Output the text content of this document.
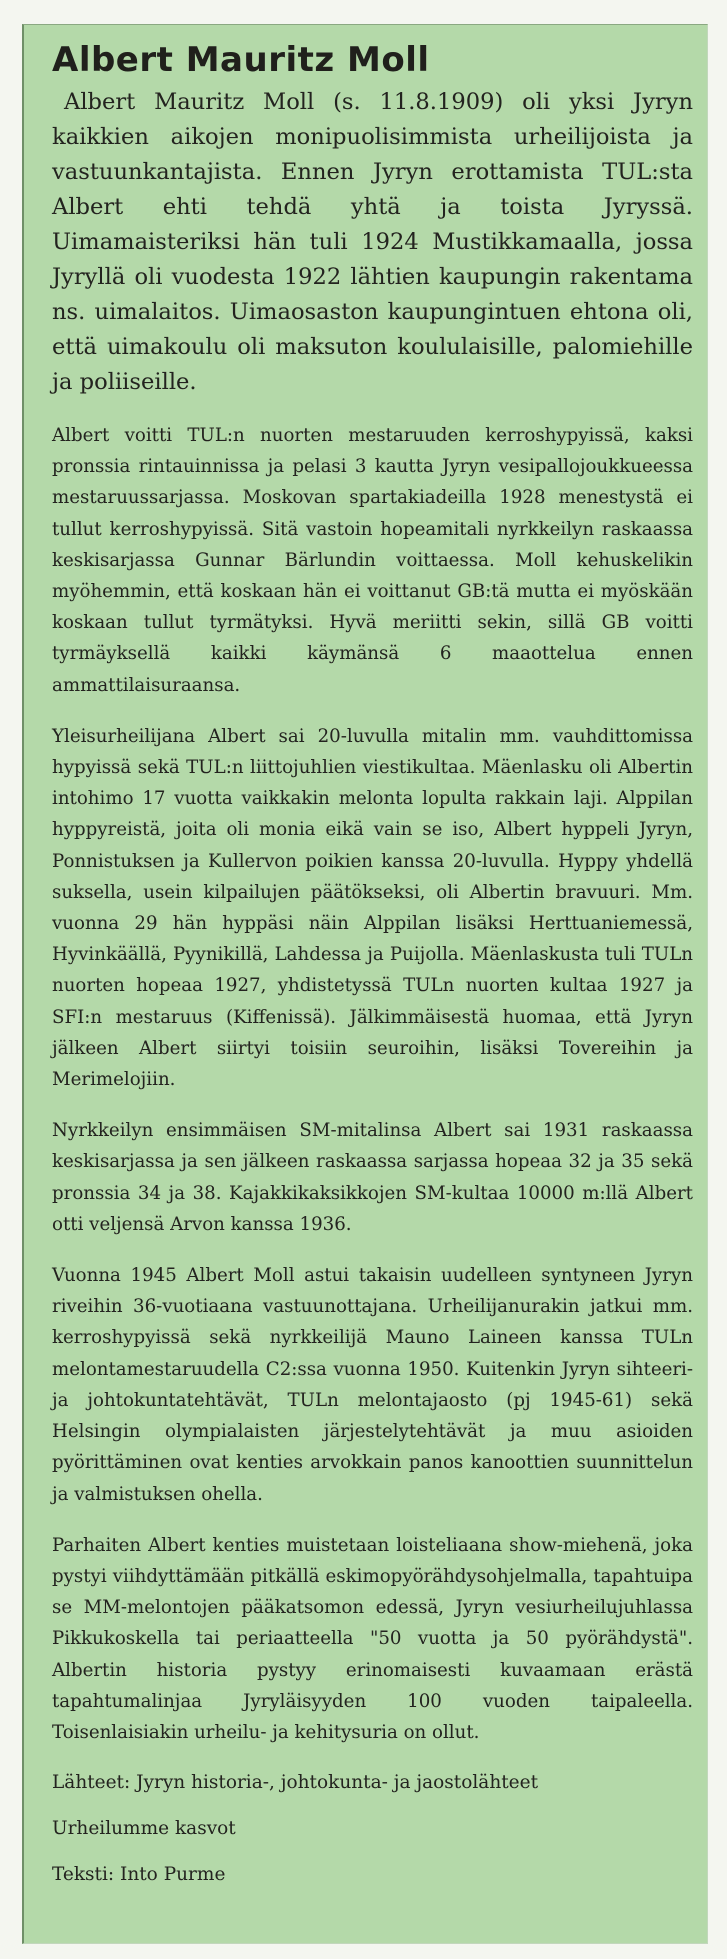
Albert Mauritz Moll

Albert Mauritz Moll (s. 11.8.1909) oli yksi Jyryn kaikkien aikojen monipuolisimmista urheilijoista ja vastuunkantajista. Ennen Jyryn erottamista TUL:sta Albert ehti tehdä yhtä ja toista Jyryssä. Uimamaisteriksi hän tuli 1924 Mustikkamaalla, jossa Jyryllä oli vuodesta 1922 lähtien kaupungin rakentama ns. uimalaitos. Uimaosaston kaupungintuen ehtona oli, että uimakoulu oli maksuton koululaisille, palomiehille ja poliiseille.

Albert voitti TUL:n nuorten mestaruuden kerroshypyissä, kaksi pronssia rintauinnissa ja pelasi 3 kautta Jyryn vesipallojoukkueessa mestaruussarjassa. Moskovan spartakiadeilla 1928 menestystä ei tullut kerroshypyissä. Sitä vastoin hopeamitali nyrkkeilyn raskaassa keskisarjassa Gunnar Bärlundin voittaessa. Moll kehuskelikin myöhemmin, että koskaan hän ei voittanut GB:tä mutta ei myöskään koskaan tullut tyrmätyksi. Hyvä meriitti sekin, sillä GB voitti tyrmäyksellä kaikki käymänsä 6 maaottelua ennen ammattilaisuraansa.

Yleisurheilijana Albert sai 20-luvulla mitalin mm. vauhdittomissa hypyissä sekä TUL:n liittojuhlien viestikultaa. Mäenlasku oli Albertin intohimo 17 vuotta vaikkakin melonta lopulta rakkain laji. Alppilan hyppyreistä, joita oli monia eikä vain se iso, Albert hyppeli Jyryn, Ponnistuksen ja Kullervon poikien kanssa 20-luvulla. Hyppy yhdellä suksella, usein kilpailujen päätökseksi, oli Albertin bravuuri. Mm. vuonna 29 hän hyppäsi näin Alppilan lisäksi Herttuaniemessä, Hyvinkäällä, Pyynikillä, Lahdessa ja Puijolla. Mäenlaskusta tuli TULn nuorten hopeaa 1927, yhdistetyssä TULn nuorten kultaa 1927 ja SFI:n mestaruus (Kiffenissä). Jälkimmäisestä huomaa, että Jyryn jälkeen Albert siirtyi toisiin seuroihin, lisäksi Tovereihin ja Merimelojiin.

Nyrkkeilyn ensimmäisen SM-mitalinsa Albert sai 1931 raskaassa keskisarjassa ja sen jälkeen raskaassa sarjassa hopeaa 32 ja 35 sekä pronssia 34 ja 38. Kajakkikaksikkojen SM-kultaa 10000 m:llä Albert otti veljensä Arvon kanssa 1936.

Vuonna 1945 Albert Moll astui takaisin uudelleen syntyneen Jyryn riveihin 36-vuotiaana vastuunottajana. Urheilijanurakin jatkui mm. kerroshypyissä sekä nyrkkeilijä Mauno Laineen kanssa TULn melontamestaruudella C2:ssa vuonna 1950. Kuitenkin Jyryn sihteeri- ja johtokuntatehtävät, TULn melontajaosto (pj 1945-61) sekä Helsingin olympialaisten järjestelytehtävät ja muu asioiden pyörittäminen ovat kenties arvokkain panos kanoottien suunnittelun ja valmistuksen ohella.

Parhaiten Albert kenties muistetaan loisteliaana show-miehenä, joka pystyi viihdyttämään pitkällä eskimopyörähdysohjelmalla, tapahtuipa se MM-melontojen pääkatsomon edessä, Jyryn vesiurheilujuhlassa Pikkukoskella tai periaatteella "50 vuotta ja 50 pyörähdystä". Albertin historia pystyy erinomaisesti kuvaamaan erästä tapahtumalinjaa Jyryläisyyden 100 vuoden taipaleella. Toisenlaisiakin urheilu- ja kehitysuria on ollut.

Lähteet: Jyryn historia-, johtokunta- ja jaostolähteet

Urheilumme kasvot

Teksti: Into Purme
